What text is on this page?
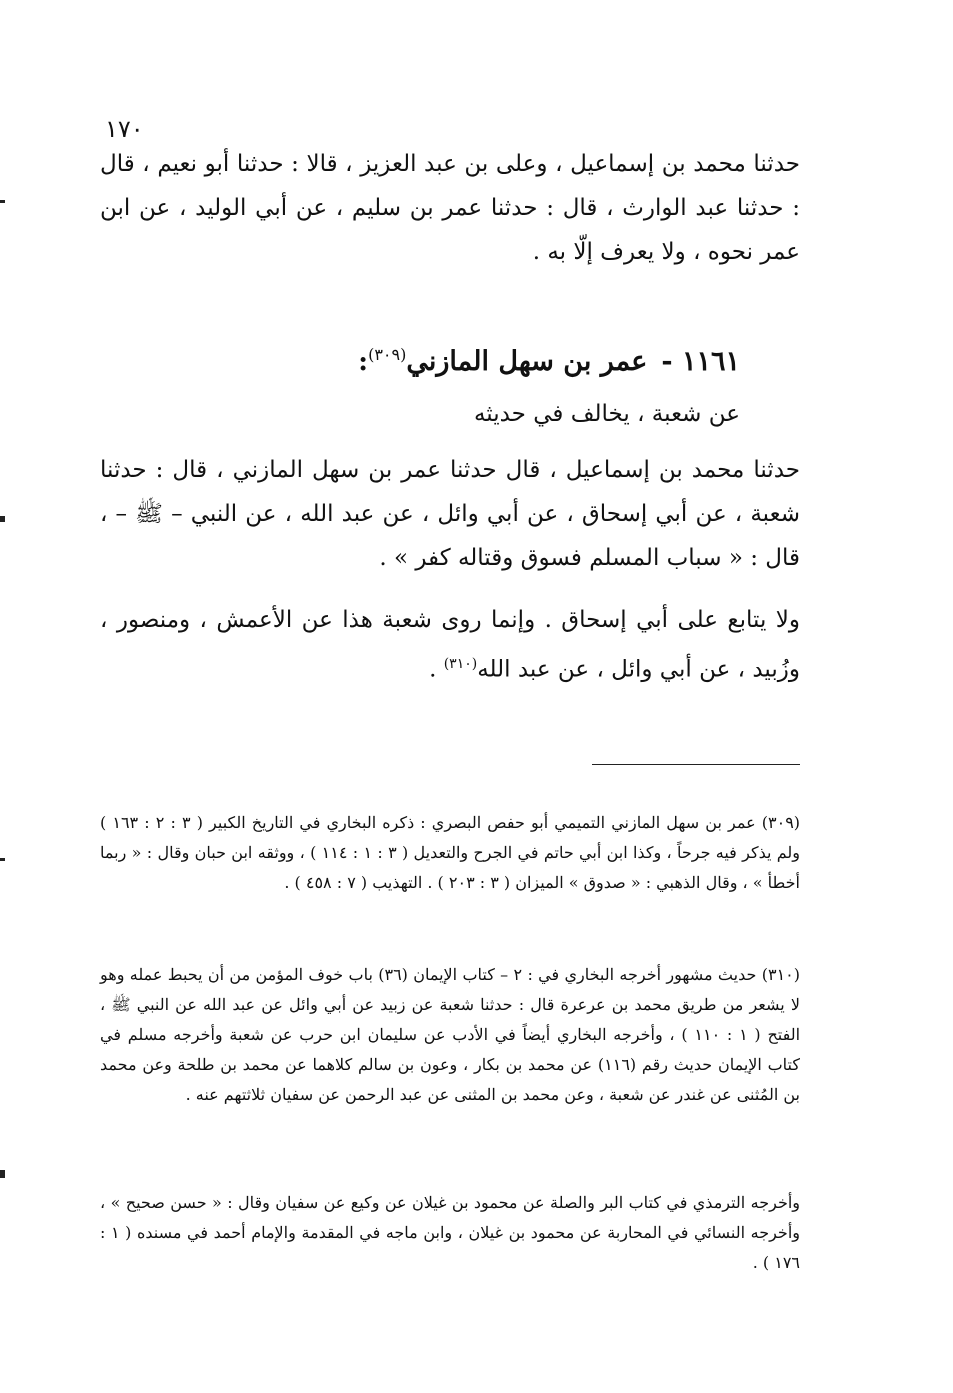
١٧٠

حدثنا محمد بن إسماعيل ، وعلى بن عبد العزيز ، قالا : حدثنا أبو نعيم ، قال : حدثنا عبد الوارث ، قال : حدثنا عمر بن سليم ، عن أبي الوليد ، عن ابن عمر نحوه ، ولا يعرف إلّا به .

١١٦١ -عمر بن سهل المازني$^{(٣٠٩)}$:
عن شعبة ، يخالف في حديثه

حدثنا محمد بن إسماعيل ، قال حدثنا عمر بن سهل المازني ، قال : حدثنا شعبة ، عن أبي إسحاق ، عن أبي وائل ، عن عبد الله ، عن النبي – ﷺ – ، قال : « سباب المسلم فسوق وقتاله كفر » .

ولا يتابع على أبي إسحاق . وإنما روى شعبة هذا عن الأعمش ، ومنصور ، وزُبيد ، عن أبي وائل ، عن عبد الله$^{(٣١٠)}$ .

(٣٠٩) عمر بن سهل المازني التميمي أبو حفص البصري : ذكره البخاري في التاريخ الكبير ( ٣ : ٢ : ١٦٣ ) ولم يذكر فيه جرحاً ، وكذا ابن أبي حاتم في الجرح والتعديل ( ٣ : ١ : ١١٤ ) ، ووثقه ابن حبان وقال : « ربما أخطأ » ، وقال الذهبي : « صدوق » الميزان ( ٣ : ٢٠٣ ) . التهذيب ( ٧ : ٤٥٨ ) .

(٣١٠) حديث مشهور أخرجه البخاري في : ٢ – كتاب الإيمان (٣٦) باب خوف المؤمن من أن يحبط عمله وهو لا يشعر من طريق محمد بن عرعرة قال : حدثنا شعبة عن زبيد عن أبي وائل عن عبد الله عن النبي ﷺ ، الفتح ( ١ : ١١٠ ) ، وأخرجه البخاري أيضاً في الأدب عن سليمان ابن حرب عن شعبة وأخرجه مسلم في كتاب الإيمان حديث رقم (١١٦) عن محمد بن بكار ، وعون بن سالم كلاهما عن محمد بن طلحة وعن محمد بن المُثنى عن غندر عن شعبة ، وعن محمد بن المثنى عن عبد الرحمن عن سفيان ثلاثتهم عنه .

وأخرجه الترمذي في كتاب البر والصلة عن محمود بن غيلان عن وكيع عن سفيان وقال : « حسن صحيح » ، وأخرجه النسائي في المحاربة عن محمود بن غيلان ، وابن ماجه في المقدمة والإمام أحمد في مسنده ( ١ : ١٧٦ ) .
